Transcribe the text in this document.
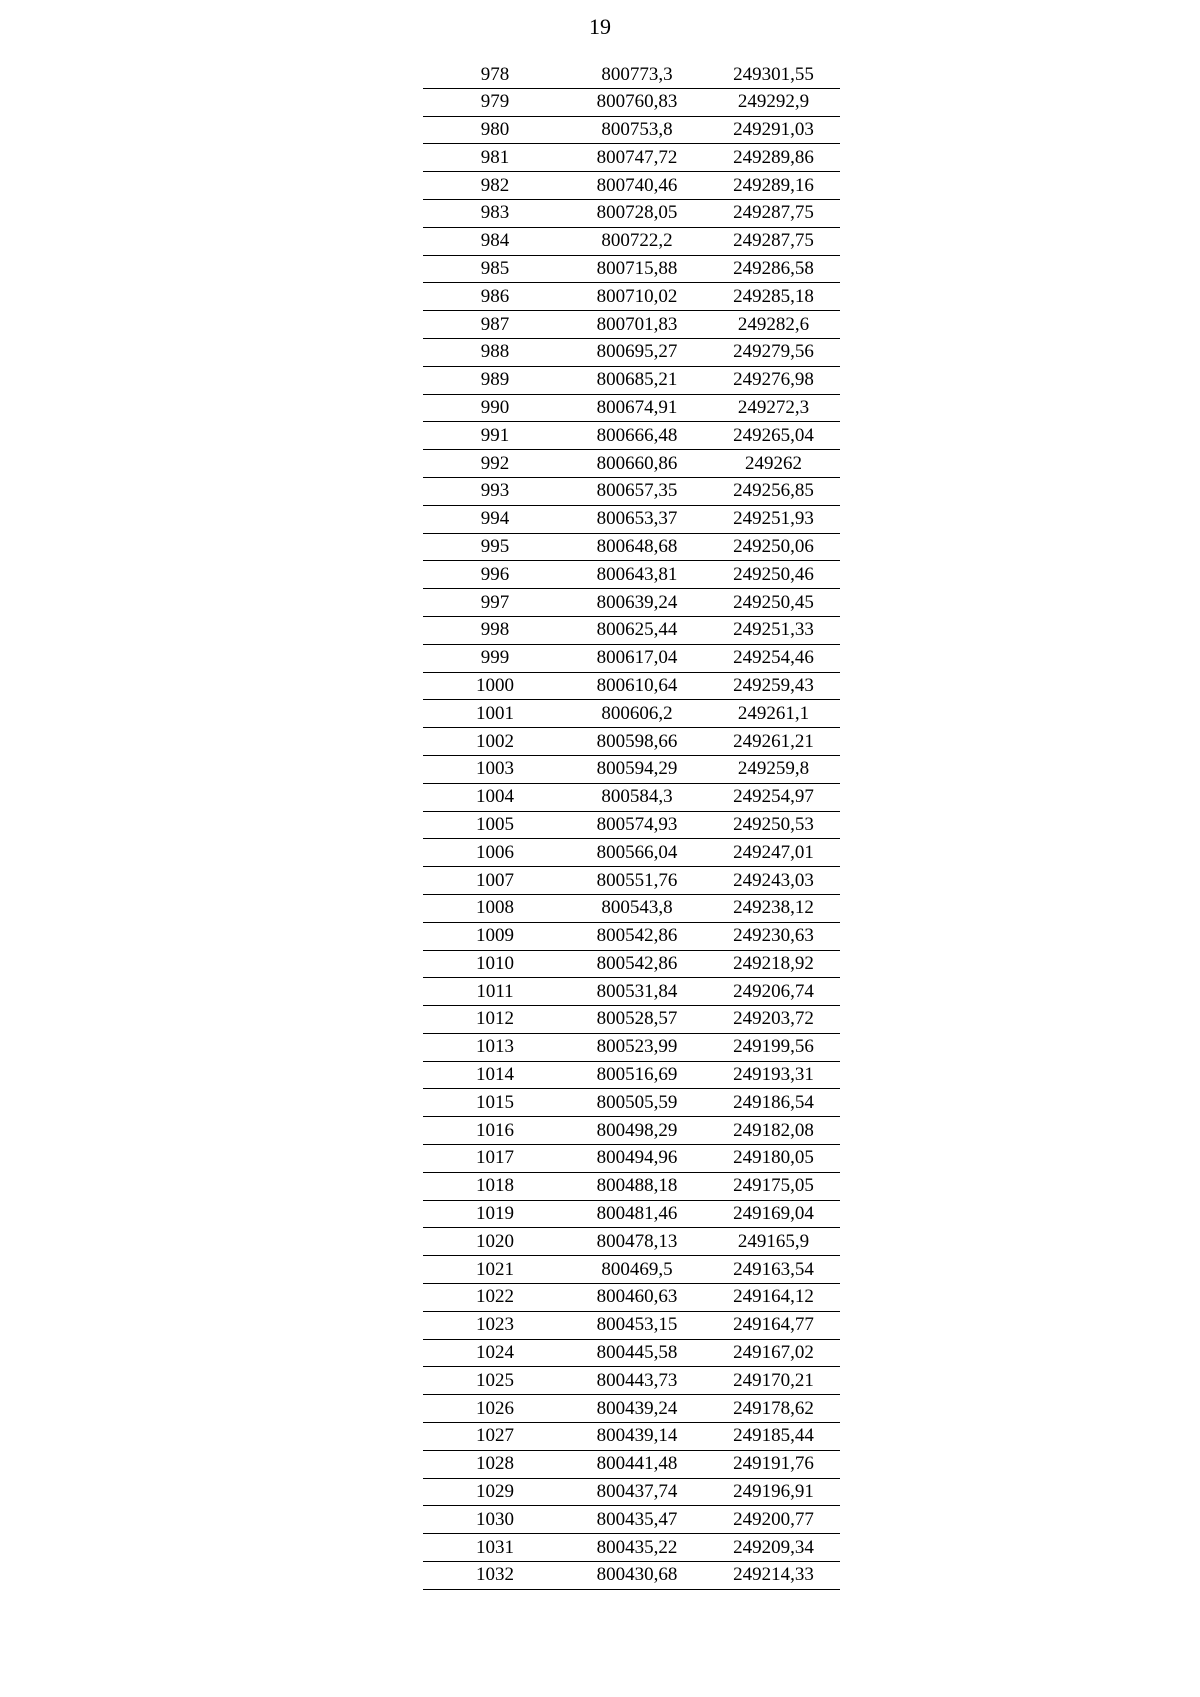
19
978	800773,3	249301,55
979	800760,83	249292,9
980	800753,8	249291,03
981	800747,72	249289,86
982	800740,46	249289,16
983	800728,05	249287,75
984	800722,2	249287,75
985	800715,88	249286,58
986	800710,02	249285,18
987	800701,83	249282,6
988	800695,27	249279,56
989	800685,21	249276,98
990	800674,91	249272,3
991	800666,48	249265,04
992	800660,86	249262
993	800657,35	249256,85
994	800653,37	249251,93
995	800648,68	249250,06
996	800643,81	249250,46
997	800639,24	249250,45
998	800625,44	249251,33
999	800617,04	249254,46
1000	800610,64	249259,43
1001	800606,2	249261,1
1002	800598,66	249261,21
1003	800594,29	249259,8
1004	800584,3	249254,97
1005	800574,93	249250,53
1006	800566,04	249247,01
1007	800551,76	249243,03
1008	800543,8	249238,12
1009	800542,86	249230,63
1010	800542,86	249218,92
1011	800531,84	249206,74
1012	800528,57	249203,72
1013	800523,99	249199,56
1014	800516,69	249193,31
1015	800505,59	249186,54
1016	800498,29	249182,08
1017	800494,96	249180,05
1018	800488,18	249175,05
1019	800481,46	249169,04
1020	800478,13	249165,9
1021	800469,5	249163,54
1022	800460,63	249164,12
1023	800453,15	249164,77
1024	800445,58	249167,02
1025	800443,73	249170,21
1026	800439,24	249178,62
1027	800439,14	249185,44
1028	800441,48	249191,76
1029	800437,74	249196,91
1030	800435,47	249200,77
1031	800435,22	249209,34
1032	800430,68	249214,33
